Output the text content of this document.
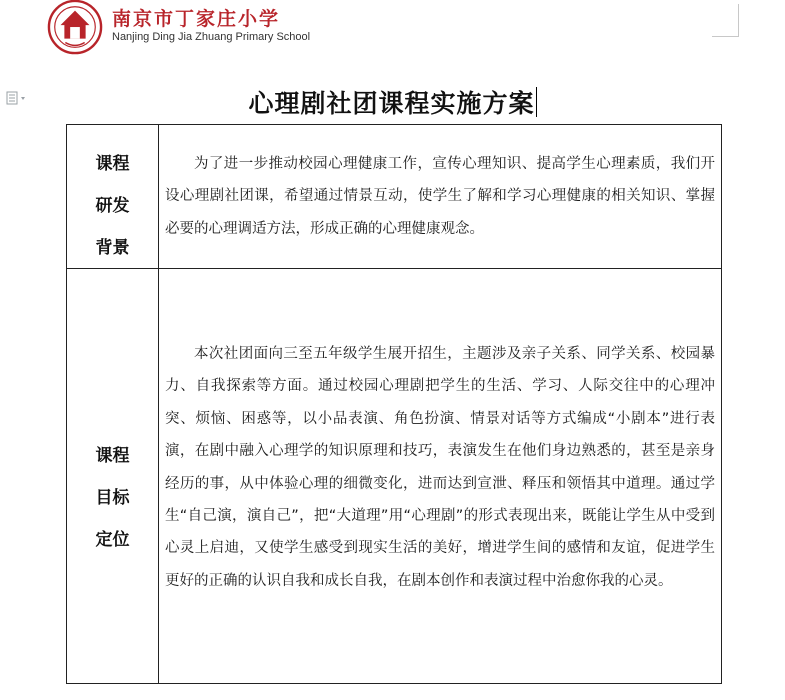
南京市丁家庄小学
Nanjing Ding Jia Zhuang Primary School
心理剧社团课程实施方案
课程
研发
背景
为了进一步推动校园心理健康工作，宣传心理知识、提高学生心理素质，我们开设心理剧社团课，希望通过情景互动，使学生了解和学习心理健康的相关知识、掌握必要的心理调适方法，形成正确的心理健康观念。
课程
目标
定位
本次社团面向三至五年级学生展开招生，主题涉及亲子关系、同学关系、校园暴力、自我探索等方面。通过校园心理剧把学生的生活、学习、人际交往中的心理冲突、烦恼、困惑等，以小品表演、角色扮演、情景对话等方式编成“小剧本”进行表演，在剧中融入心理学的知识原理和技巧，表演发生在他们身边熟悉的，甚至是亲身经历的事，从中体验心理的细微变化，进而达到宣泄、释压和领悟其中道理。通过学生“自己演，演自己”，把“大道理”用“心理剧”的形式表现出来，既能让学生从中受到心灵上启迪，又使学生感受到现实生活的美好，增进学生间的感情和友谊，促进学生更好的正确的认识自我和成长自我，在剧本创作和表演过程中治愈你我的心灵。
